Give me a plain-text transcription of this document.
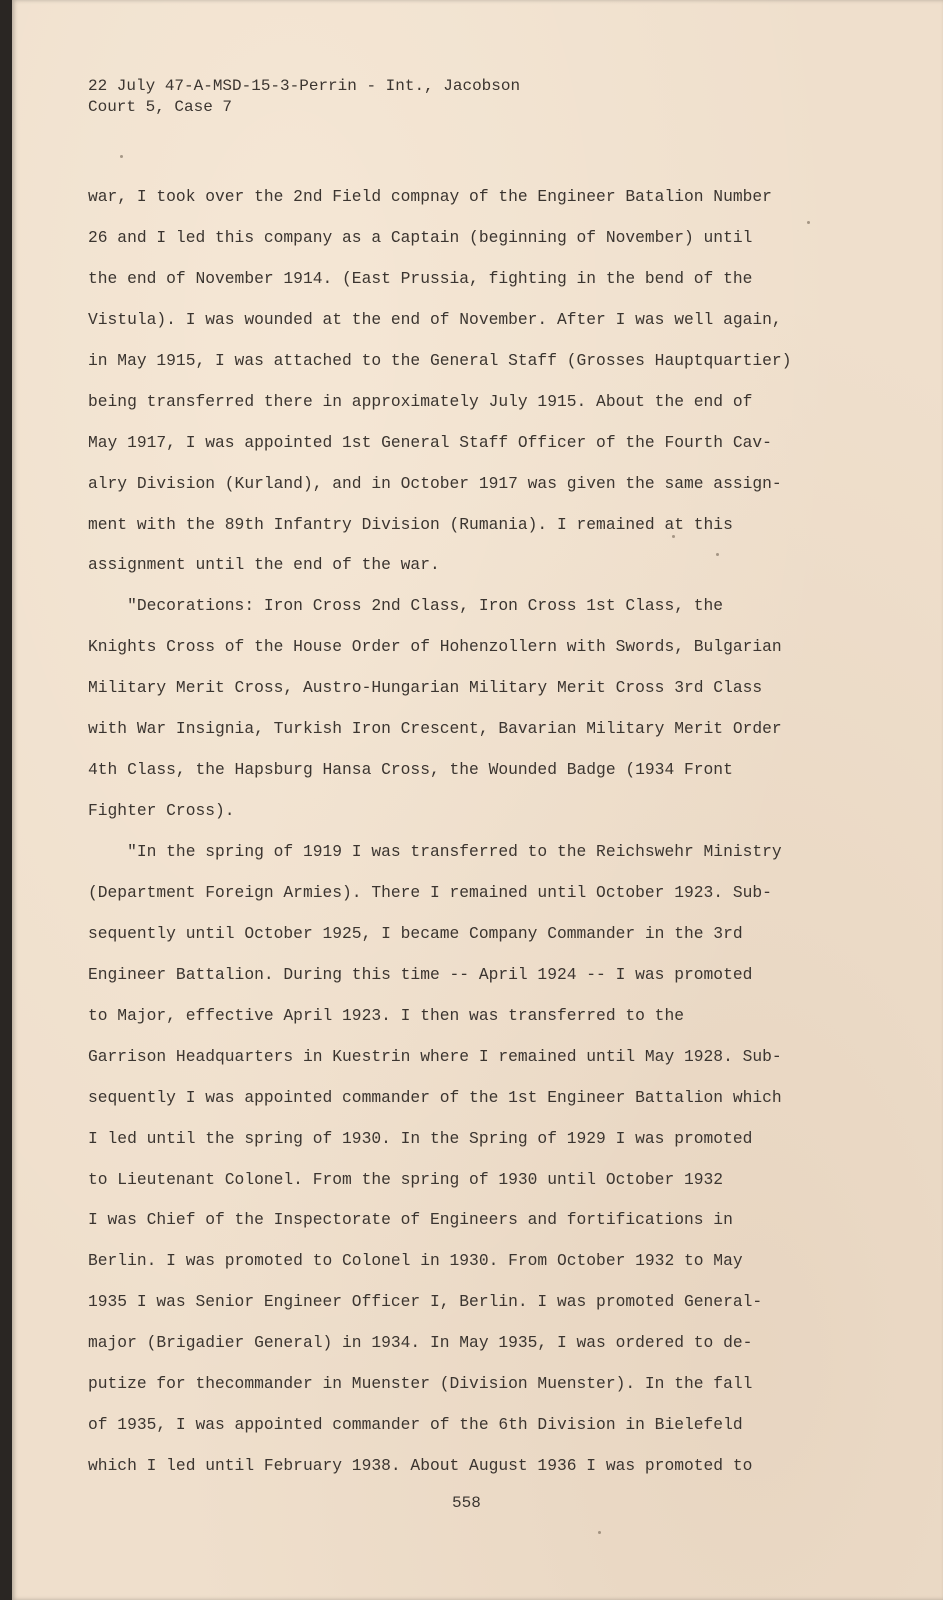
22 July 47-A-MSD-15-3-Perrin - Int., Jacobson
Court 5, Case 7
war, I took over the 2nd Field compnay of the Engineer Batalion Number
26 and I led this company as a Captain (beginning of November) until
the end of November 1914. (East Prussia, fighting in the bend of the
Vistula). I was wounded at the end of November. After I was well again,
in May 1915, I was attached to the General Staff (Grosses Hauptquartier)
being transferred there in approximately July 1915. About the end of
May 1917, I was appointed 1st General Staff Officer of the Fourth Cav-
alry Division (Kurland), and in October 1917 was given the same assign-
ment with the 89th Infantry Division (Rumania). I remained at this
assignment until the end of the war.
"Decorations: Iron Cross 2nd Class, Iron Cross 1st Class, the
Knights Cross of the House Order of Hohenzollern with Swords, Bulgarian
Military Merit Cross, Austro-Hungarian Military Merit Cross 3rd Class
with War Insignia, Turkish Iron Crescent, Bavarian Military Merit Order
4th Class, the Hapsburg Hansa Cross, the Wounded Badge (1934 Front
Fighter Cross).
"In the spring of 1919 I was transferred to the Reichswehr Ministry
(Department Foreign Armies). There I remained until October 1923. Sub-
sequently until October 1925, I became Company Commander in the 3rd
Engineer Battalion. During this time -- April 1924 -- I was promoted
to Major, effective April 1923. I then was transferred to the
Garrison Headquarters in Kuestrin where I remained until May 1928. Sub-
sequently I was appointed commander of the 1st Engineer Battalion which
I led until the spring of 1930. In the Spring of 1929 I was promoted
to Lieutenant Colonel. From the spring of 1930 until October 1932
I was Chief of the Inspectorate of Engineers and fortifications in
Berlin. I was promoted to Colonel in 1930. From October 1932 to May
1935 I was Senior Engineer Officer I, Berlin. I was promoted General-
major (Brigadier General) in 1934. In May 1935, I was ordered to de-
putize for thecommander in Muenster (Division Muenster). In the fall
of 1935, I was appointed commander of the 6th Division in Bielefeld
which I led until February 1938. About August 1936 I was promoted to
558
